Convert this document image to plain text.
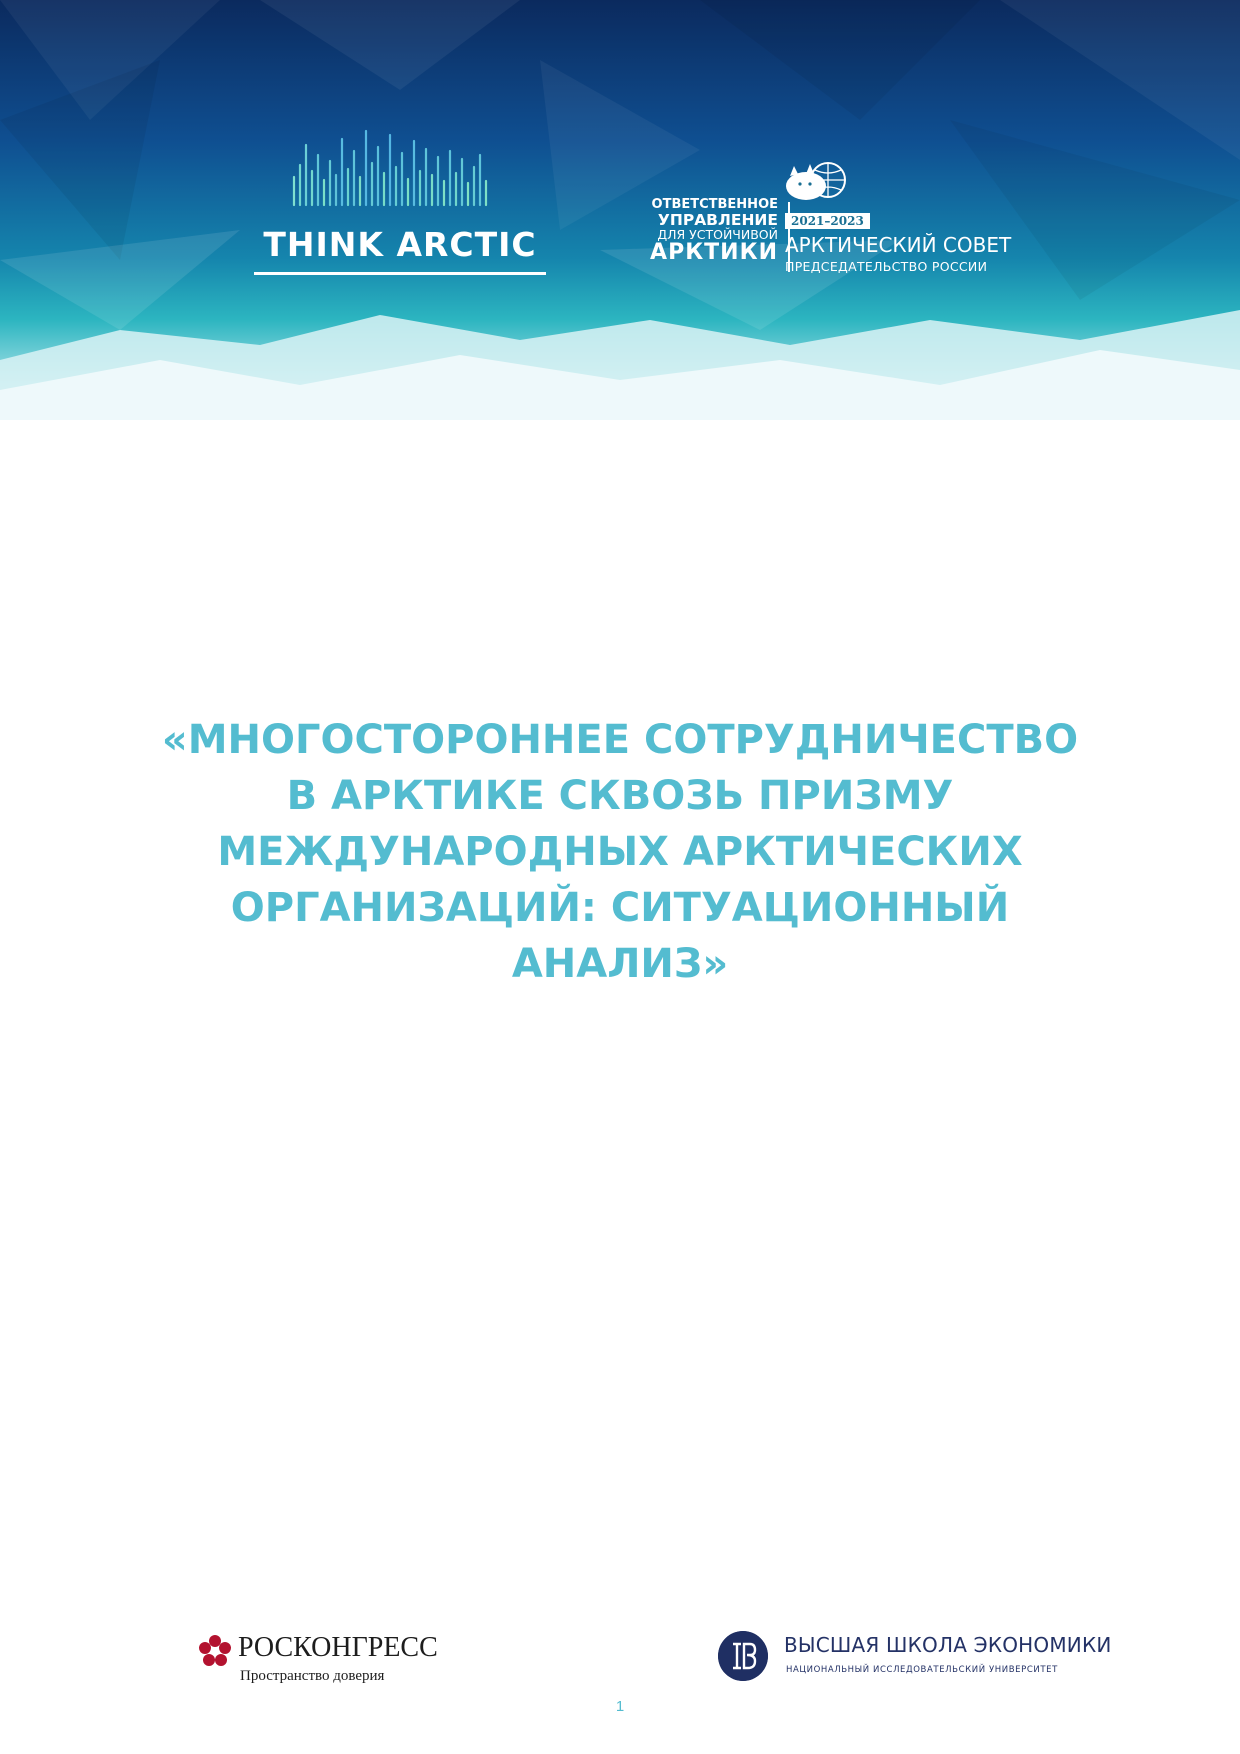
THINK ARCTIC
ОТВЕТСТВЕННОЕ
УПРАВЛЕНИЕ
ДЛЯ УСТОЙЧИВОЙ
АРКТИКИ
2021–2023
АРКТИЧЕСКИЙ СОВЕТ
ПРЕДСЕДАТЕЛЬСТВО РОССИИ
«МНОГОСТОРОННЕЕ СОТРУДНИЧЕСТВО
В АРКТИКЕ СКВОЗЬ ПРИЗМУ
МЕЖДУНАРОДНЫХ АРКТИЧЕСКИХ
ОРГАНИЗАЦИЙ: СИТУАЦИОННЫЙ
АНАЛИЗ»
РОСКОНГРЕСС
Пространство доверия
ВЫСШАЯ ШКОЛА ЭКОНОМИКИ
НАЦИОНАЛЬНЫЙ ИССЛЕДОВАТЕЛЬСКИЙ УНИВЕРСИТЕТ
1
